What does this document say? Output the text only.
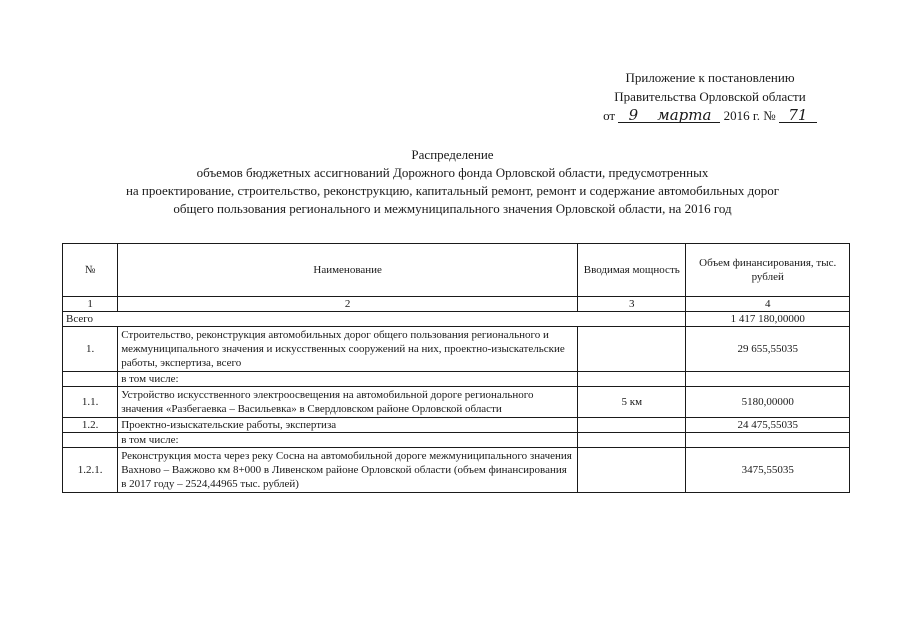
Приложение к постановлению
Правительства Орловской области
от 9 марта 2016 г. № 71
Распределение
объемов бюджетных ассигнований Дорожного фонда Орловской области, предусмотренных
на проектирование, строительство, реконструкцию, капитальный ремонт, ремонт и содержание автомобильных дорог
общего пользования регионального и межмуниципального значения Орловской области, на 2016 год
№	Наименование	Вводимая мощность	Объем финансирования, тыс. рублей
1	2	3	4
Всего			1 417 180,00000
1.	Строительство, реконструкция автомобильных дорог общего пользования регионального и межмуниципального значения и искусственных сооружений на них, проектно-изыскательские работы, экспертиза, всего		29 655,55035
	в том числе:		
1.1.	Устройство искусственного электроосвещения на автомобильной дороге регионального значения «Разбегаевка – Васильевка» в Свердловском районе Орловской области	5 км	5180,00000
1.2.	Проектно-изыскательские работы, экспертиза		24 475,55035
	в том числе:		
1.2.1.	Реконструкция моста через реку Сосна на автомобильной дороге межмуниципального значения Вахново – Важжово км 8+000 в Ливенском районе Орловской области (объем финансирования в 2017 году – 2524,44965 тыс. рублей)		3475,55035
